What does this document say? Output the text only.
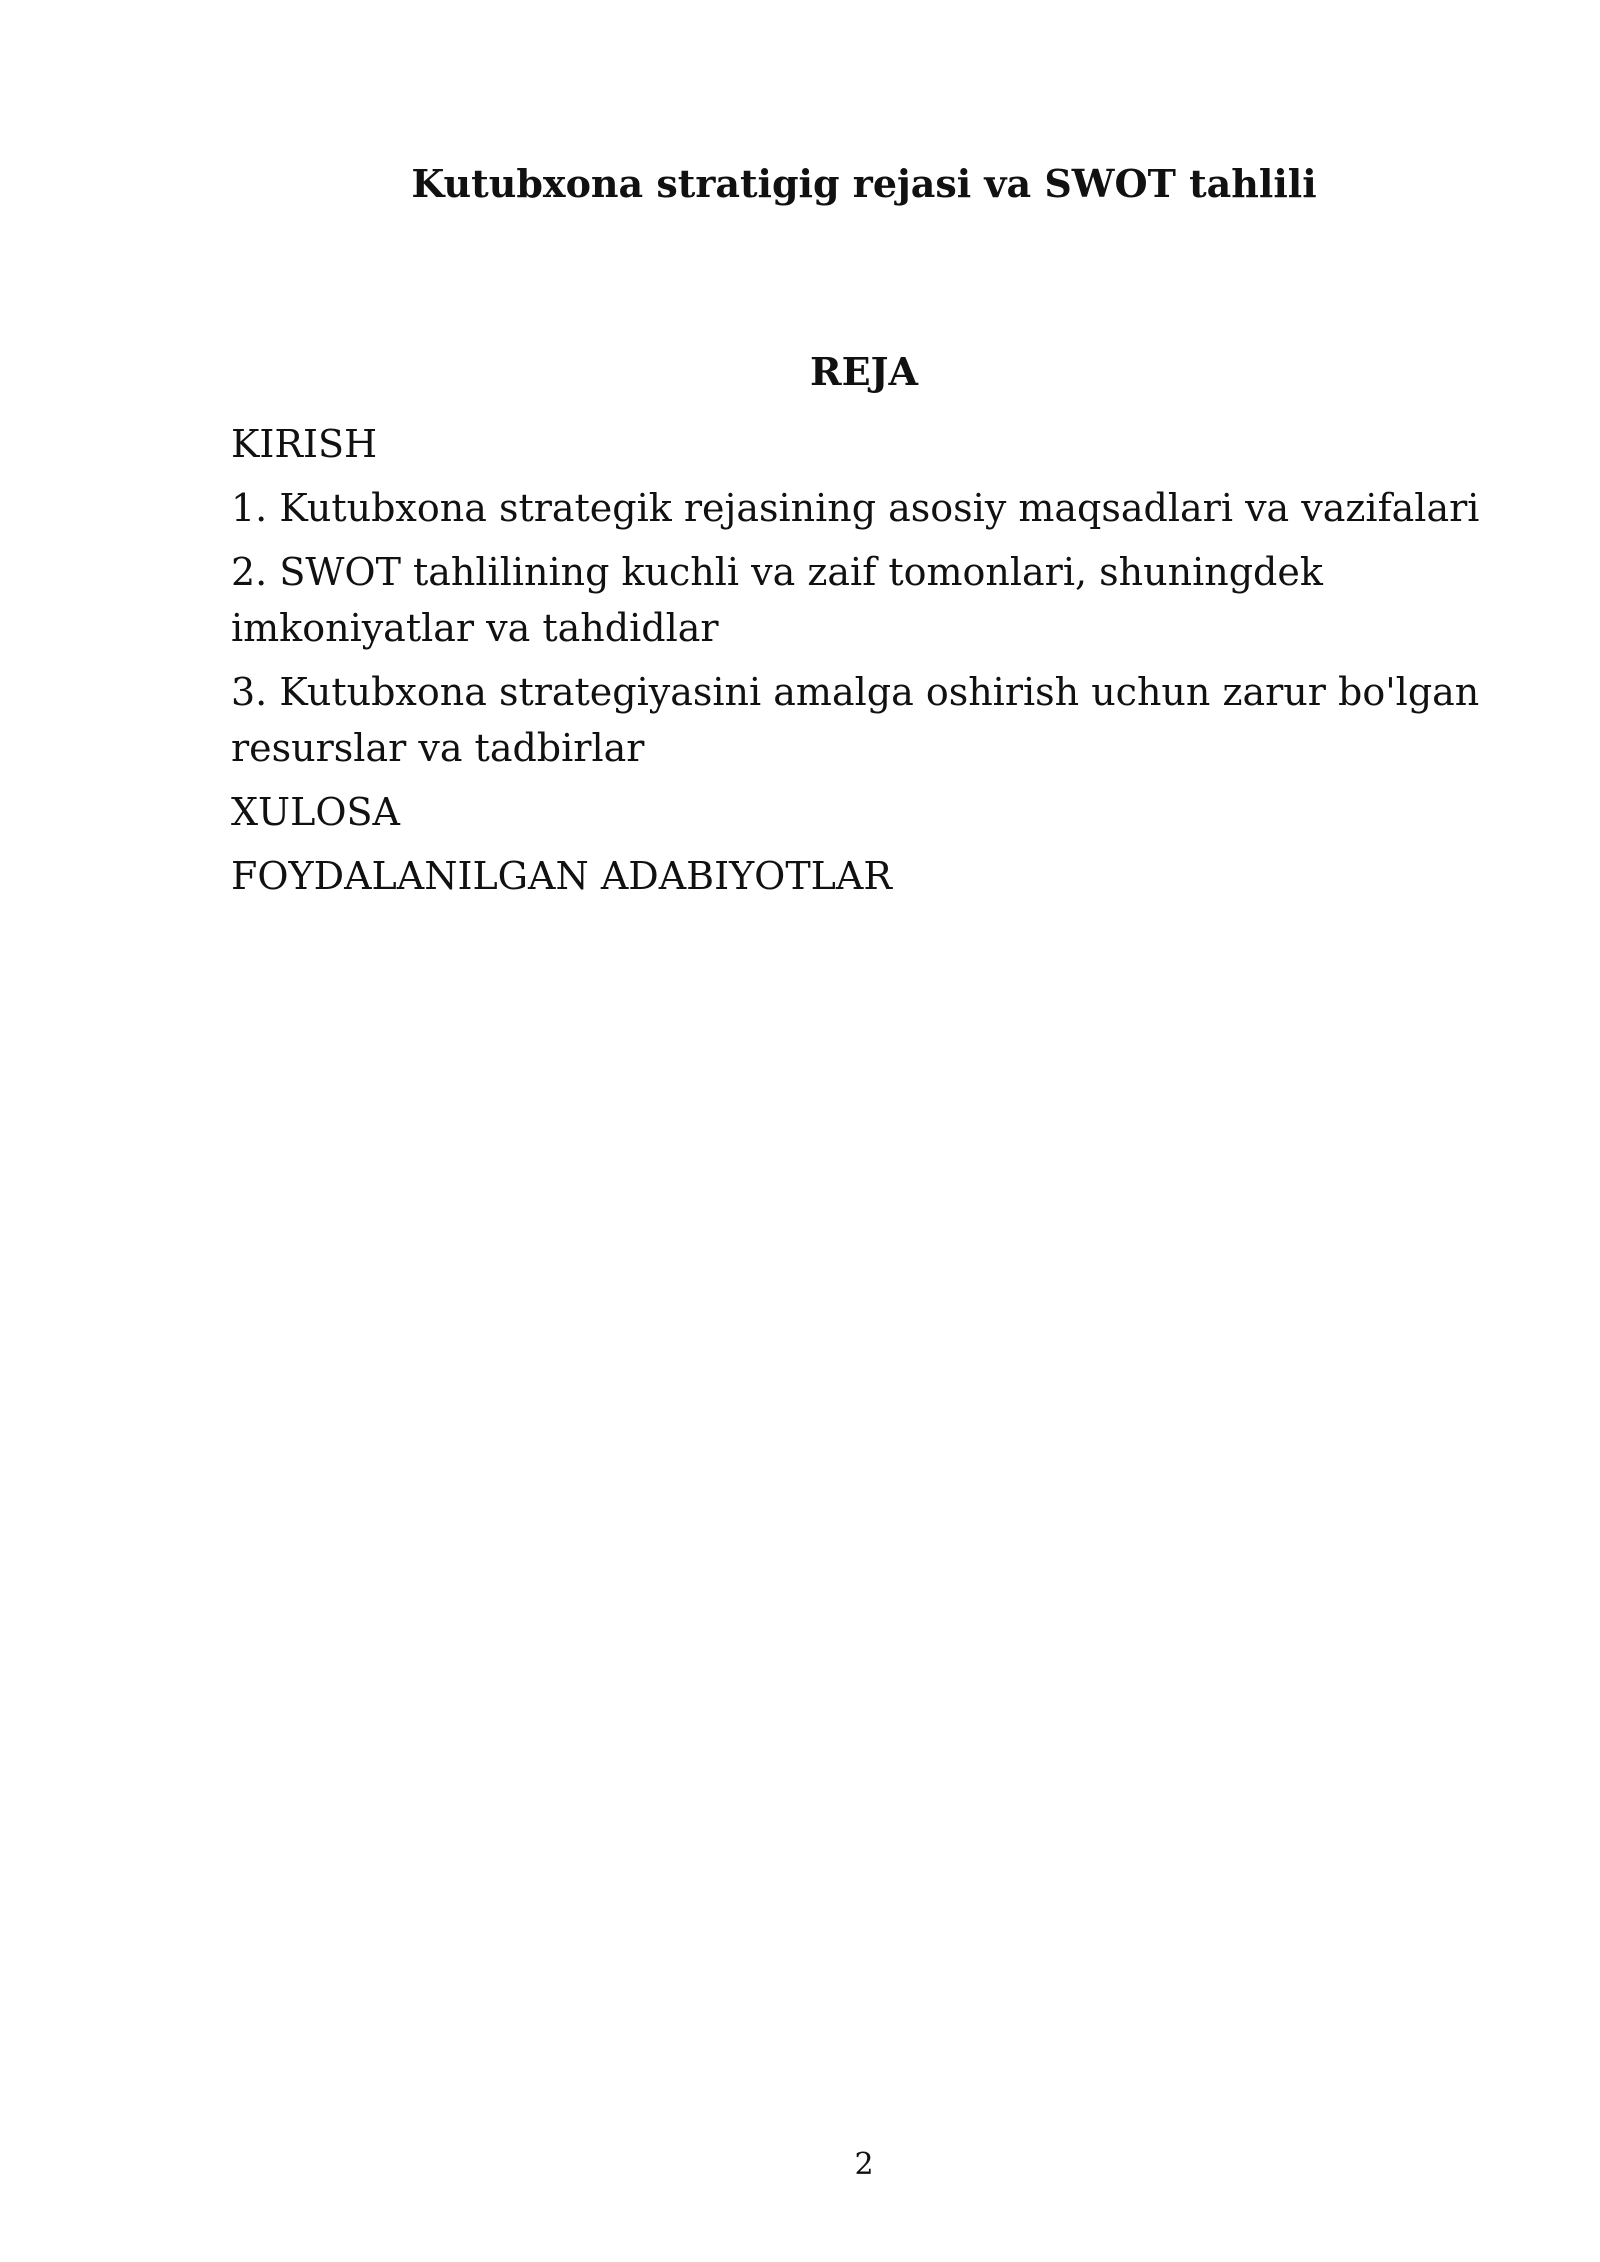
Kutubxona stratigig rejasi va SWOT tahlili
REJA
KIRISH
1. Kutubxona strategik rejasining asosiy maqsadlari va vazifalari
2. SWOT tahlilining kuchli va zaif tomonlari, shuningdek imkoniyatlar va tahdidlar
3. Kutubxona strategiyasini amalga oshirish uchun zarur bo'lgan resurslar va tadbirlar
XULOSA
FOYDALANILGAN ADABIYOTLAR
2
